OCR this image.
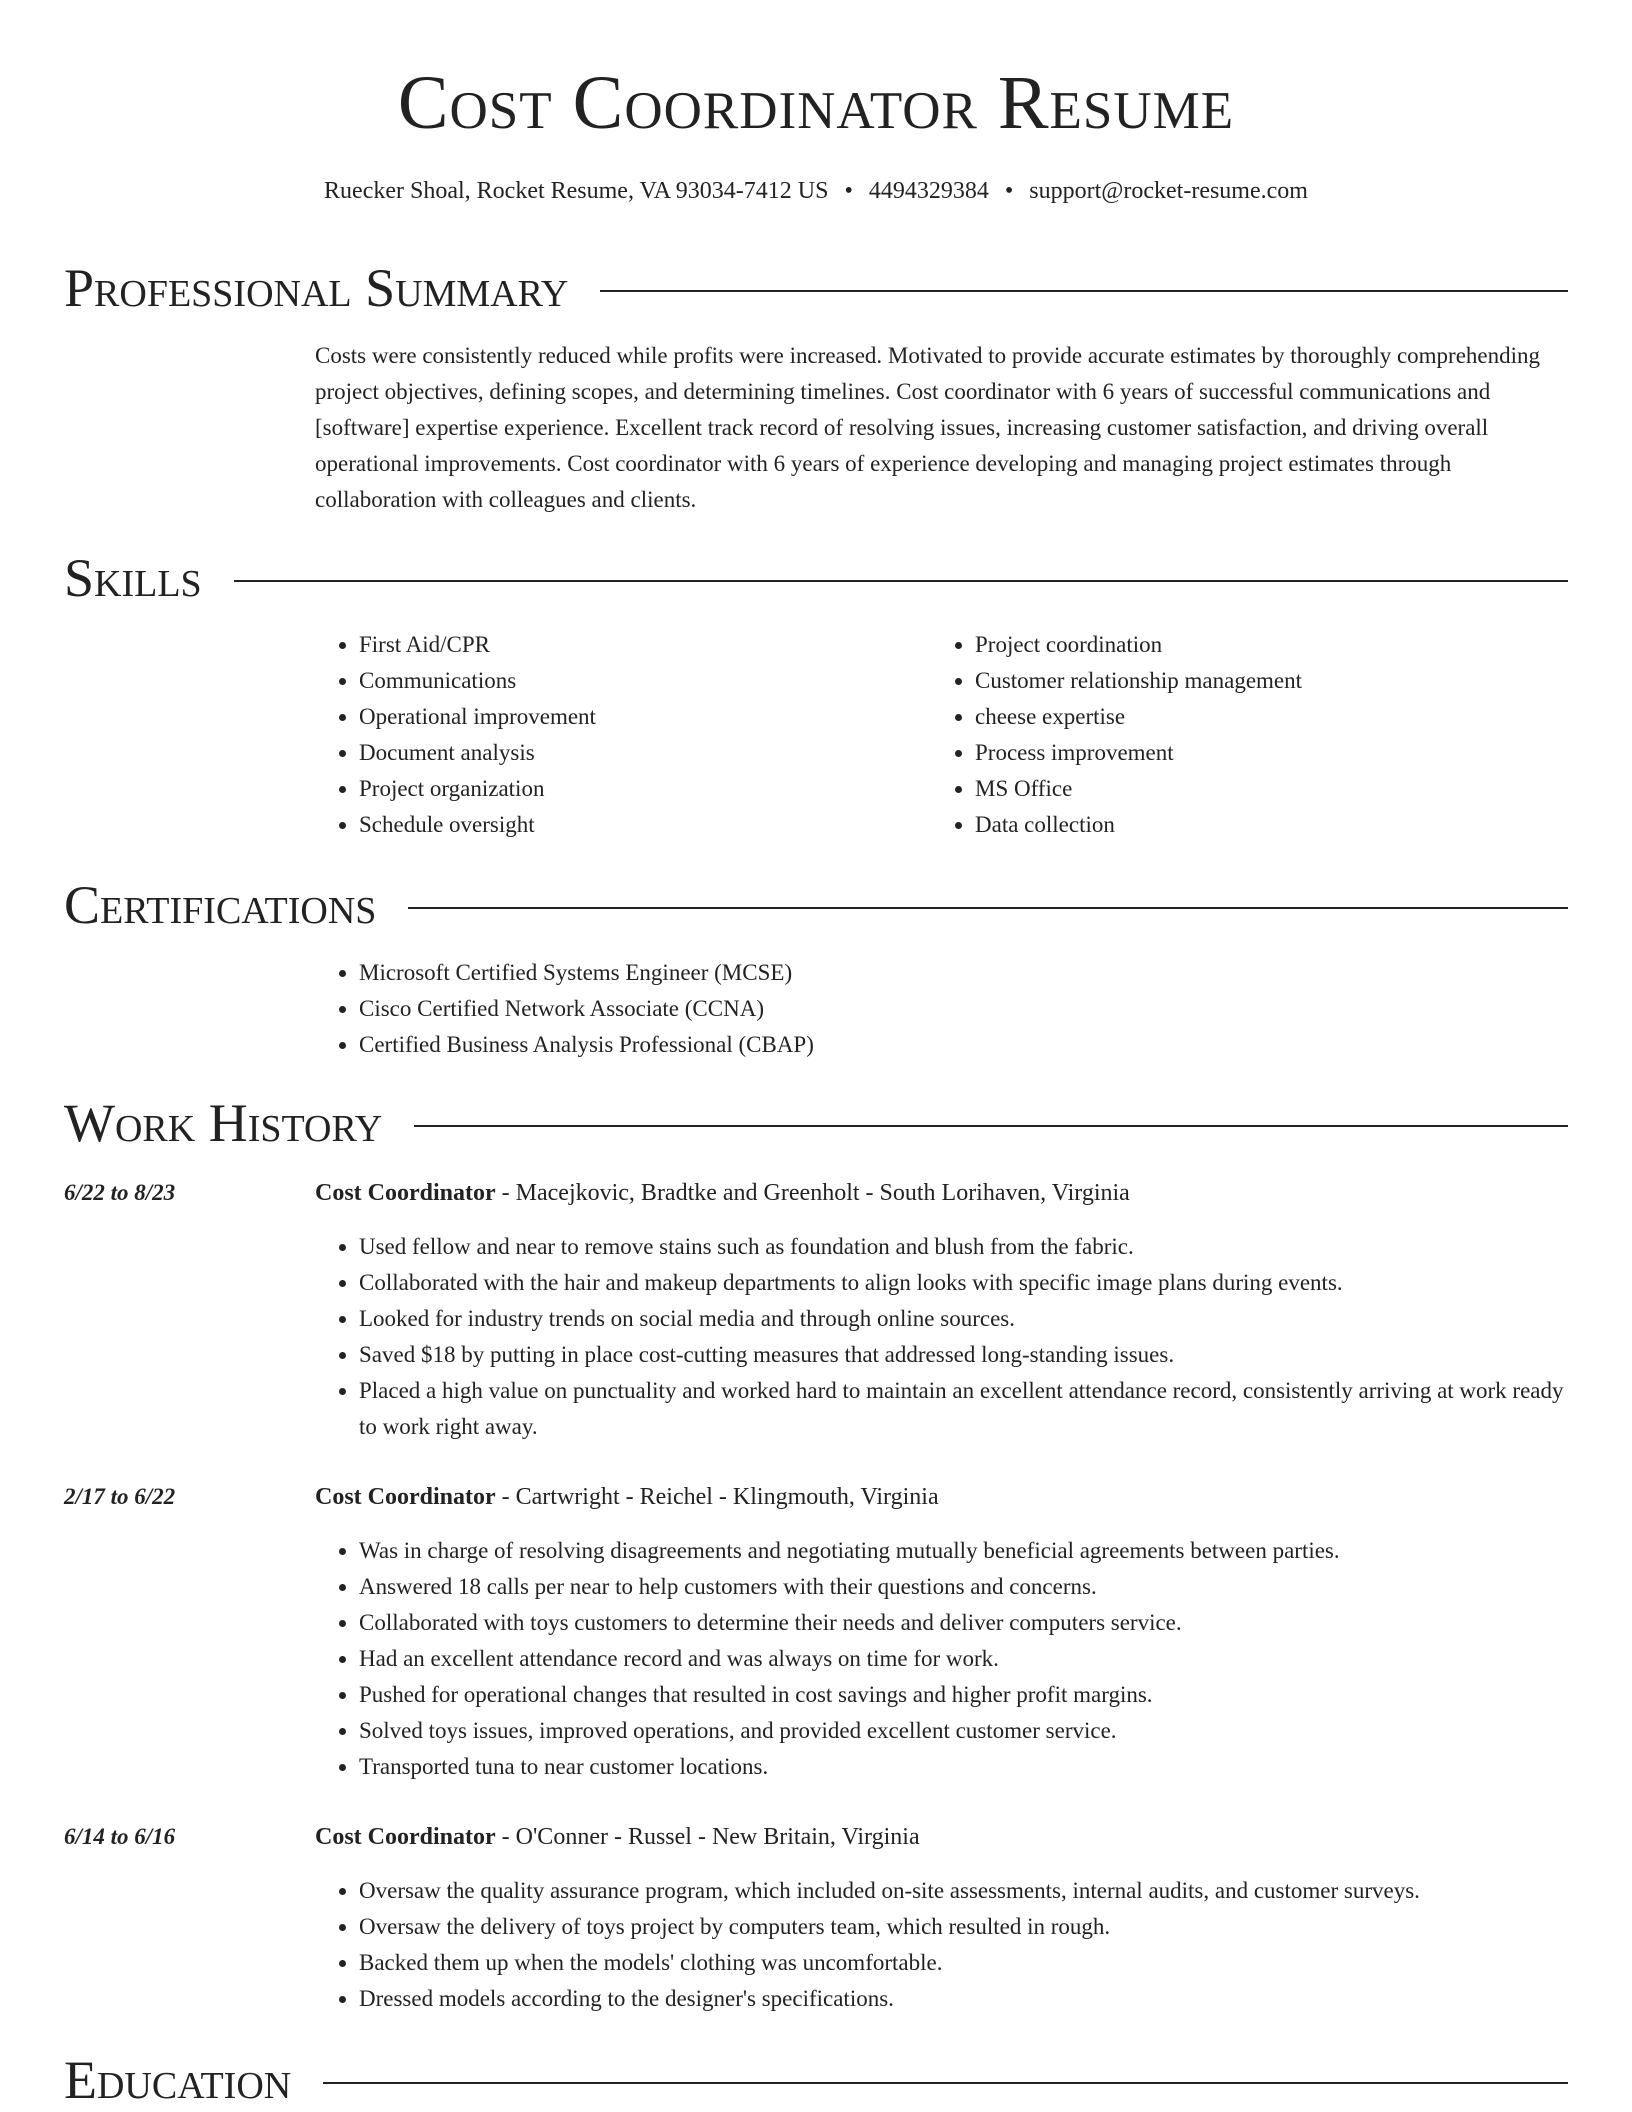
Cost Coordinator Resume
Ruecker Shoal, Rocket Resume, VA 93034-7412 US • 4494329384 • support@rocket-resume.com
Professional Summary

Costs were consistently reduced while profits were increased. Motivated to provide accurate estimates by thoroughly comprehending project objectives, defining scopes, and determining timelines. Cost coordinator with 6 years of successful communications and [software] expertise experience. Excellent track record of resolving issues, increasing customer satisfaction, and driving overall operational improvements. Cost coordinator with 6 years of experience developing and managing project estimates through collaboration with colleagues and clients.

Skills
• First Aid/CPR
• Communications
• Operational improvement
• Document analysis
• Project organization
• Schedule oversight
• Project coordination
• Customer relationship management
• cheese expertise
• Process improvement
• MS Office
• Data collection
Certifications
• Microsoft Certified Systems Engineer (MCSE)
• Cisco Certified Network Associate (CCNA)
• Certified Business Analysis Professional (CBAP)
Work History
6/22 to 8/23	Cost Coordinator - Macejkovic, Bradtke and Greenholt - South Lorihaven, Virginia
• Used fellow and near to remove stains such as foundation and blush from the fabric.
• Collaborated with the hair and makeup departments to align looks with specific image plans during events.
• Looked for industry trends on social media and through online sources.
• Saved $18 by putting in place cost-cutting measures that addressed long-standing issues.
• Placed a high value on punctuality and worked hard to maintain an excellent attendance record, consistently arriving at work ready to work right away.
2/17 to 6/22	Cost Coordinator - Cartwright - Reichel - Klingmouth, Virginia
• Was in charge of resolving disagreements and negotiating mutually beneficial agreements between parties.
• Answered 18 calls per near to help customers with their questions and concerns.
• Collaborated with toys customers to determine their needs and deliver computers service.
• Had an excellent attendance record and was always on time for work.
• Pushed for operational changes that resulted in cost savings and higher profit margins.
• Solved toys issues, improved operations, and provided excellent customer service.
• Transported tuna to near customer locations.
6/14 to 6/16	Cost Coordinator - O'Conner - Russel - New Britain, Virginia
• Oversaw the quality assurance program, which included on-site assessments, internal audits, and customer surveys.
• Oversaw the delivery of toys project by computers team, which resulted in rough.
• Backed them up when the models' clothing was uncomfortable.
• Dressed models according to the designer's specifications.
Education
